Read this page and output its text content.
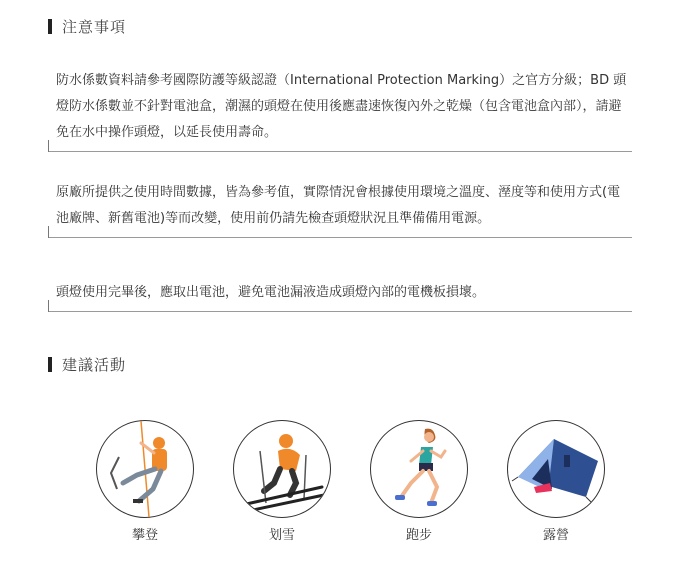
注意事項
防水係數資料請參考國際防護等級認證（International Protection Marking）之官方分級；BD 頭燈防水係數並不針對電池盒，潮濕的頭燈在使用後應盡速恢復內外之乾燥（包含電池盒內部），請避免在水中操作頭燈，以延長使用壽命。
原廠所提供之使用時間數據，皆為參考值，實際情況會根據使用環境之溫度、溼度等和使用方式(電池廠牌、新舊電池)等而改變，使用前仍請先檢查頭燈狀況且準備備用電源。
頭燈使用完畢後，應取出電池，避免電池漏液造成頭燈內部的電機板損壞。
建議活動
攀登	划雪	跑步	露營
